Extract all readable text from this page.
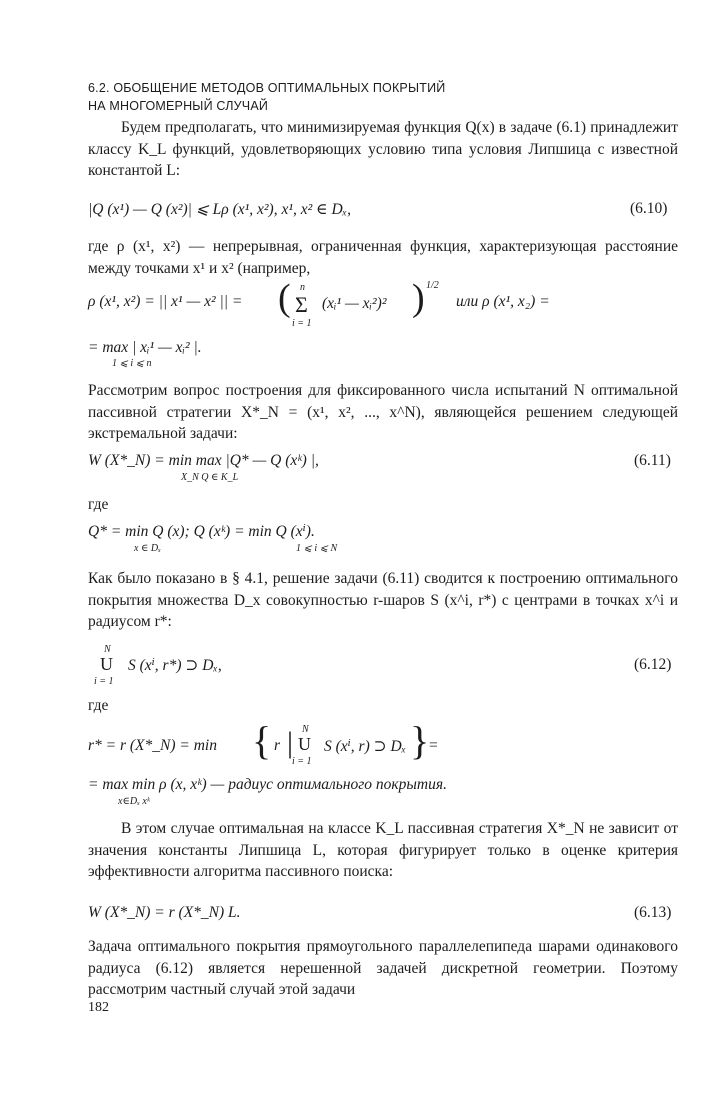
6.2. ОБОБЩЕНИЕ МЕТОДОВ ОПТИМАЛЬНЫХ ПОКРЫТИЙ
НА МНОГОМЕРНЫЙ СЛУЧАЙ

Будем предполагать, что минимизируемая функция Q(x) в задаче (6.1) принадлежит классу K_L функций, удовлетворяющих условию типа условия Липшица с известной константой L:

|Q (x¹) — Q (x²)| ⩽ Lρ (x¹, x²), x¹, x² ∈ Dₓ,	(6.10)

где ρ (x¹, x²) — непрерывная, ограниченная функция, характеризующая расстояние между точками x¹ и x² (например,

ρ (x¹, x²) = || x¹ — x² || = ( n
Σ
i = 1
(xᵢ¹ — xᵢ²)² ) 1/2
или ρ (x¹, x₂) =
= max | xᵢ¹ — xᵢ² |.
1 ⩽ i ⩽ n

Рассмотрим вопрос построения для фиксированного числа испытаний N оптимальной пассивной стратегии X*_N = (x¹, x², ..., x^N), являющейся решением следующей экстремальной задачи:

W (X*_N) = min max |Q* — Q (xᵏ) |,
X_N Q ∈ K_L
(6.11)
где
Q* = min Q (x); Q (xᵏ) = min Q (xⁱ).
x ∈ Dₓ	1 ⩽ i ⩽ N

Как было показано в § 4.1, решение задачи (6.11) сводится к построению оптимального покрытия множества D_x совокупностью r-шаров S (x^i, r*) с центрами в точках x^i и радиусом r*:

N
U
i = 1
S (xⁱ, r*) ⊃ Dₓ,	(6.12)
где
r* = r (X*_N) = min { r | N
U
i = 1
S (xⁱ, r) ⊃ Dₓ }
=
= max min ρ (x, xᵏ) — радиус оптимального покрытия.
x∈Dₓ xᵏ

В этом случае оптимальная на классе K_L пассивная стратегия X*_N не зависит от значения константы Липшица L, которая фигурирует только в оценке критерия эффективности алгоритма пассивного поиска:

W (X*_N) = r (X*_N) L.	(6.13)

Задача оптимального покрытия прямоугольного параллелепипеда шарами одинакового радиуса (6.12) является нерешенной задачей дискретной геометрии. Поэтому рассмотрим частный случай этой задачи

182
